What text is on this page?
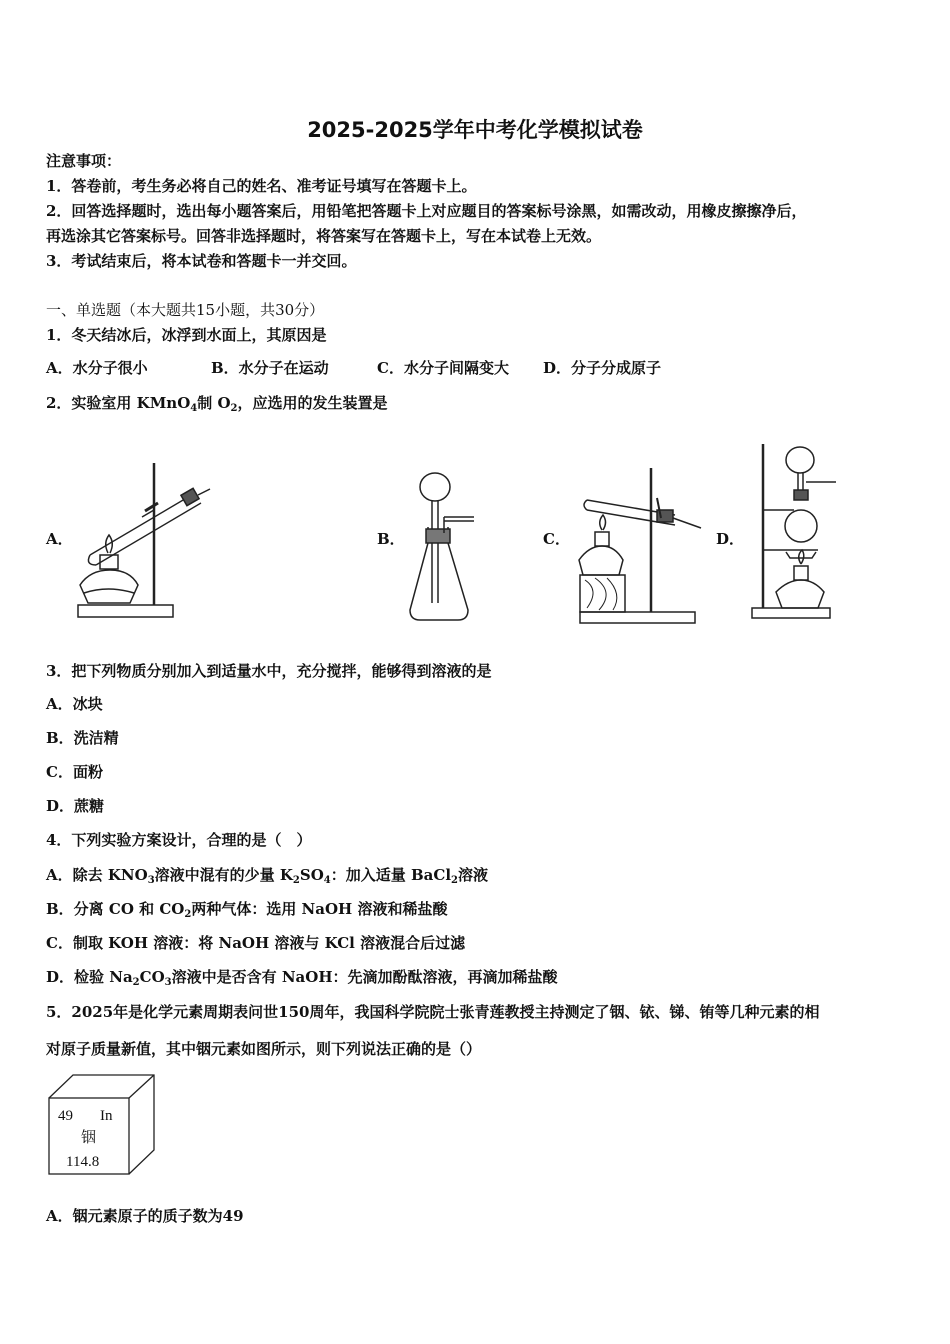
2025-2025学年中考化学模拟试卷
注意事项：
1．答卷前，考生务必将自己的姓名、准考证号填写在答题卡上。
2．回答选择题时，选出每小题答案后，用铅笔把答题卡上对应题目的答案标号涂黑，如需改动，用橡皮擦擦净后，
再选涂其它答案标号。回答非选择题时，将答案写在答题卡上，写在本试卷上无效。
3．考试结束后，将本试卷和答题卡一并交回。
一、单选题（本大题共15小题，共30分）
1．冬天结冰后，冰浮到水面上，其原因是
A．水分子很小	B．水分子在运动	C．水分子间隔变大 D．分子分成原子
2．实验室用 KMnO$_4$制 $O_2$，应选用的发生装置是
A．	B．	C．	D．
3．把下列物质分别加入到适量水中，充分搅拌，能够得到溶液的是
A．冰块
B．洗洁精
C．面粉
D．蔗糖
4．下列实验方案设计，合理的是（　）
A．除去 $KNO_3$溶液中混有的少量 $K_2SO_4$：加入适量 BaCl$_2$溶液
B．分离 CO 和 $CO_2$两种气体：选用 NaOH 溶液和稀盐酸
C．制取 KOH 溶液：将 NaOH 溶液与 KCl 溶液混合后过滤
D．检验 $Na_2CO_3$溶液中是否含有 NaOH：先滴加酚酞溶液，再滴加稀盐酸
5．2025年是化学元素周期表问世150周年，我国科学院院士张青莲教授主持测定了铟、铱、锑、铕等几种元素的相
对原子质量新值，其中铟元素如图所示，则下列说法正确的是（）
49 In
铟
114.8
A．铟元素原子的质子数为49
